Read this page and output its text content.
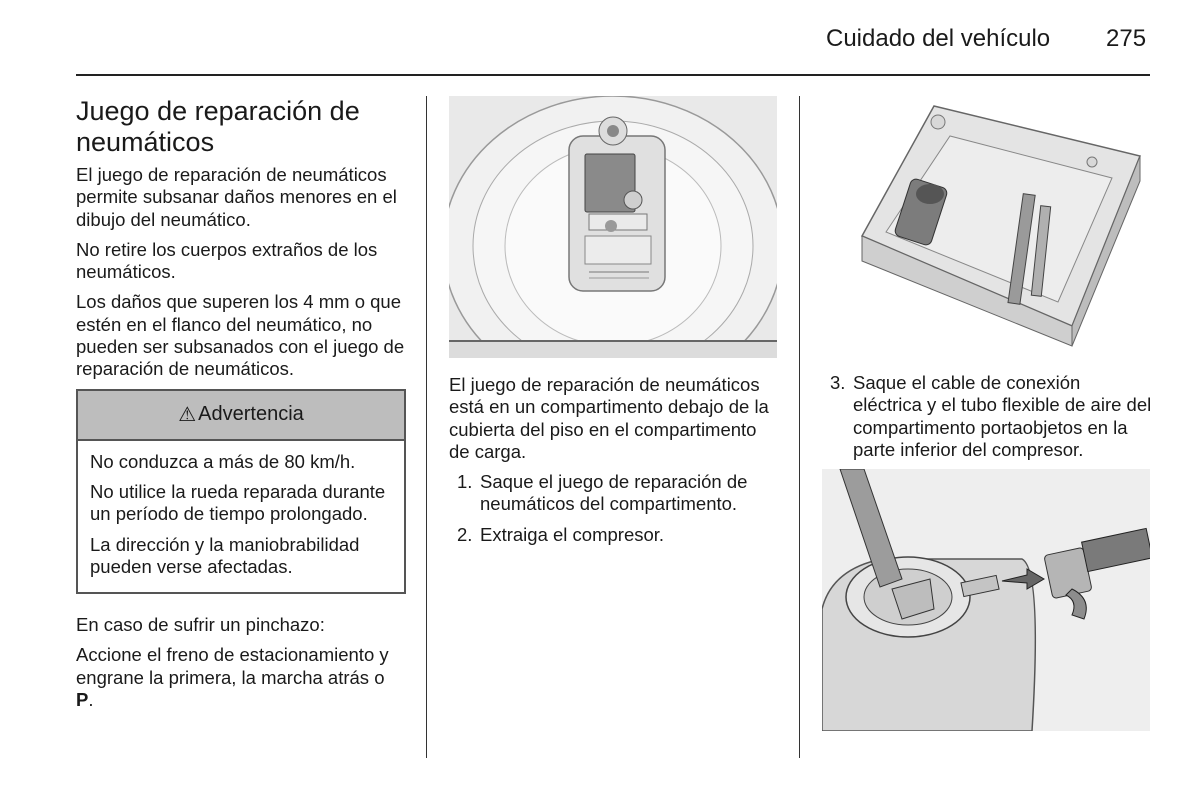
Cuidado del vehículo 275
Juego de reparación de neumáticos

El juego de reparación de neumáticos permite subsanar daños menores en el dibujo del neumático.

No retire los cuerpos extraños de los neumáticos.

Los daños que superen los 4 mm o que estén en el flanco del neumático, no pueden ser subsanados con el juego de reparación de neumáticos.

⚠ Advertencia

No conduzca a más de 80 km/h.

No utilice la rueda reparada durante un período de tiempo prolongado.

La dirección y la maniobrabilidad pueden verse afectadas.

En caso de sufrir un pinchazo:

Accione el freno de estacionamiento y engrane la primera, la marcha atrás o P.

El juego de reparación de neumáticos está en un compartimento debajo de la cubierta del piso en el compartimento de carga.

1. Saque el juego de reparación de neumáticos del compartimento.
2. Extraiga el compresor.
3. Saque el cable de conexión eléctrica y el tubo flexible de aire del compartimento portaobjetos en la parte inferior del compresor.
